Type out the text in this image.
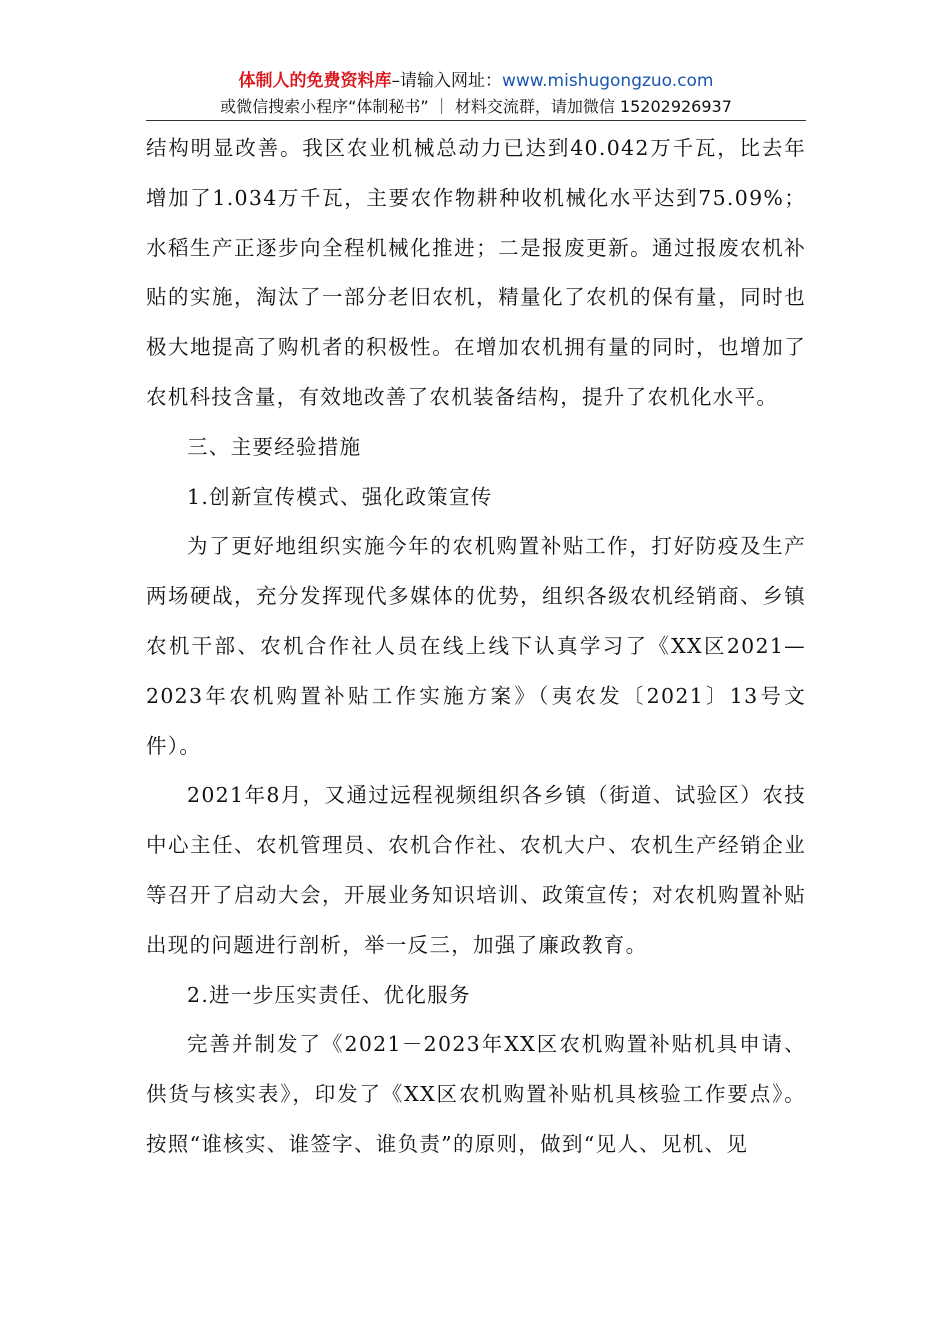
体制人的免费资料库–请输入网址：www.mishugongzuo.com
或微信搜索小程序“体制秘书” ｜ 材料交流群，请加微信 15202926937

结构明显改善。我区农业机械总动力已达到40.042万千瓦，比去年增加了1.034万千瓦，主要农作物耕种收机械化水平达到75.09%；水稻生产正逐步向全程机械化推进；二是报废更新。通过报废农机补贴的实施，淘汰了一部分老旧农机，精量化了农机的保有量，同时也极大地提高了购机者的积极性。在增加农机拥有量的同时，也增加了农机科技含量，有效地改善了农机装备结构，提升了农机化水平。

三、主要经验措施

1.创新宣传模式、强化政策宣传

为了更好地组织实施今年的农机购置补贴工作，打好防疫及生产两场硬战，充分发挥现代多媒体的优势，组织各级农机经销商、乡镇农机干部、农机合作社人员在线上线下认真学习了《XX区2021—2023年农机购置补贴工作实施方案》（夷农发〔2021〕13号文件）。

2021年8月，又通过远程视频组织各乡镇（街道、试验区）农技中心主任、农机管理员、农机合作社、农机大户、农机生产经销企业等召开了启动大会，开展业务知识培训、政策宣传；对农机购置补贴出现的问题进行剖析，举一反三，加强了廉政教育。

2.进一步压实责任、优化服务

完善并制发了《2021－2023年XX区农机购置补贴机具申请、供货与核实表》，印发了《XX区农机购置补贴机具核验工作要点》。按照“谁核实、谁签字、谁负责”的原则，做到“见人、见机、见
